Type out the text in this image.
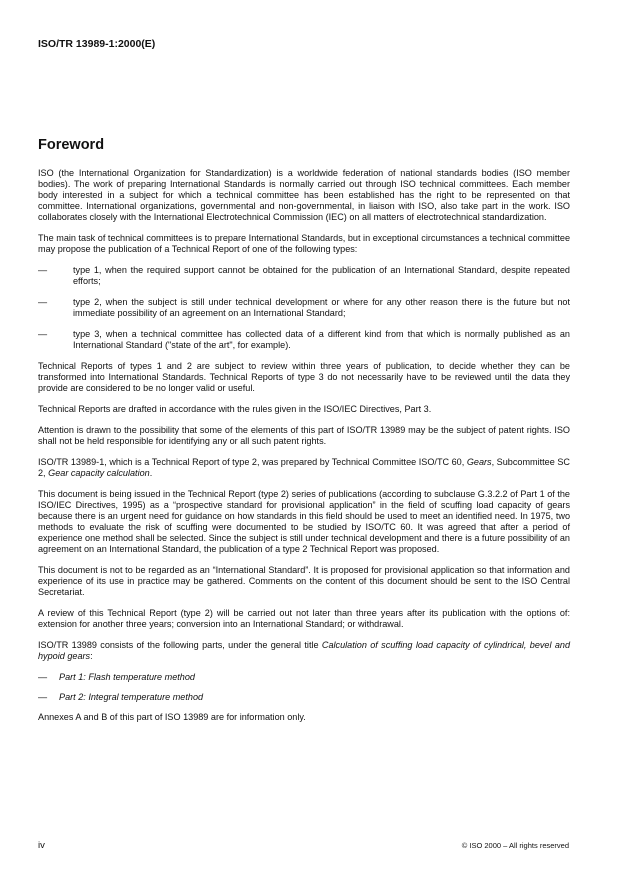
ISO/TR 13989-1:2000(E)
Foreword

ISO (the International Organization for Standardization) is a worldwide federation of national standards bodies (ISO member bodies). The work of preparing International Standards is normally carried out through ISO technical committees. Each member body interested in a subject for which a technical committee has been established has the right to be represented on that committee. International organizations, governmental and non-governmental, in liaison with ISO, also take part in the work. ISO collaborates closely with the International Electrotechnical Commission (IEC) on all matters of electrotechnical standardization.

The main task of technical committees is to prepare International Standards, but in exceptional circumstances a technical committee may propose the publication of a Technical Report of one of the following types:

—	type 1, when the required support cannot be obtained for the publication of an International Standard, despite repeated efforts;
—	type 2, when the subject is still under technical development or where for any other reason there is the future but not immediate possibility of an agreement on an International Standard;
—	type 3, when a technical committee has collected data of a different kind from that which is normally published as an International Standard ("state of the art", for example).

Technical Reports of types 1 and 2 are subject to review within three years of publication, to decide whether they can be transformed into International Standards. Technical Reports of type 3 do not necessarily have to be reviewed until the data they provide are considered to be no longer valid or useful.

Technical Reports are drafted in accordance with the rules given in the ISO/IEC Directives, Part 3.

Attention is drawn to the possibility that some of the elements of this part of ISO/TR 13989 may be the subject of patent rights. ISO shall not be held responsible for identifying any or all such patent rights.

ISO/TR 13989-1, which is a Technical Report of type 2, was prepared by Technical Committee ISO/TC 60, Gears, Subcommittee SC 2, Gear capacity calculation.

This document is being issued in the Technical Report (type 2) series of publications (according to subclause G.3.2.2 of Part 1 of the ISO/IEC Directives, 1995) as a “prospective standard for provisional application” in the field of scuffing load capacity of gears because there is an urgent need for guidance on how standards in this field should be used to meet an identified need. In 1975, two methods to evaluate the risk of scuffing were documented to be studied by ISO/TC 60. It was agreed that after a period of experience one method shall be selected. Since the subject is still under technical development and there is a future possibility of an agreement on an International Standard, the publication of a type 2 Technical Report was proposed.

This document is not to be regarded as an “International Standard”. It is proposed for provisional application so that information and experience of its use in practice may be gathered. Comments on the content of this document should be sent to the ISO Central Secretariat.

A review of this Technical Report (type 2) will be carried out not later than three years after its publication with the options of: extension for another three years; conversion into an International Standard; or withdrawal.

ISO/TR 13989 consists of the following parts, under the general title Calculation of scuffing load capacity of cylindrical, bevel and hypoid gears:

—	Part 1: Flash temperature method
—	Part 2: Integral temperature method

Annexes A and B of this part of ISO 13989 are for information only.

iv	© ISO 2000 – All rights reserved
